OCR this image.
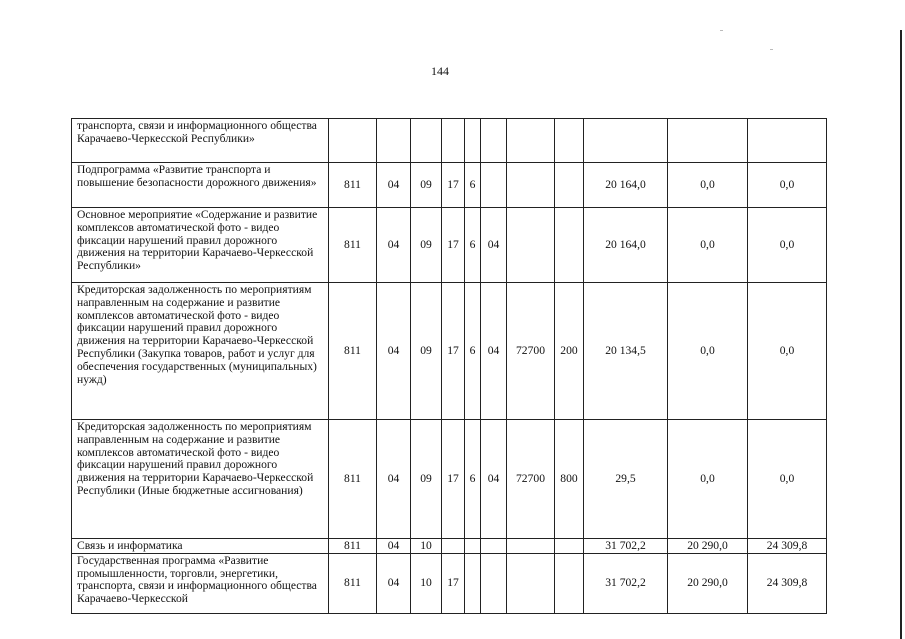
144
транспорта, связи и информационного общества Карачаево-Черкесской Республики»											
Подпрограмма «Развитие транспорта и повышение безопасности дорожного движения»	811	04	09	17	6				20 164,0	0,0	0,0
Основное мероприятие «Содержание и развитие комплексов автоматической фото - видео фиксации нарушений правил дорожного движения на территории Карачаево-Черкесской Республики»	811	04	09	17	6	04			20 164,0	0,0	0,0
Кредиторская задолженность по мероприятиям направленным на содержание и развитие комплексов автоматической фото - видео фиксации нарушений правил дорожного движения на территории Карачаево-Черкесской Республики (Закупка товаров, работ и услуг для обеспечения государственных (муниципальных) нужд)	811	04	09	17	6	04	72700	200	20 134,5	0,0	0,0
Кредиторская задолженность по мероприятиям направленным на содержание и развитие комплексов автоматической фото - видео фиксации нарушений правил дорожного движения на территории Карачаево-Черкесской Республики (Иные бюджетные ассигнования)	811	04	09	17	6	04	72700	800	29,5	0,0	0,0
Связь и информатика	811	04	10						31 702,2	20 290,0	24 309,8
Государственная программа «Развитие промышленности, торговли, энергетики, транспорта, связи и информационного общества Карачаево-Черкесской	811	04	10	17					31 702,2	20 290,0	24 309,8
